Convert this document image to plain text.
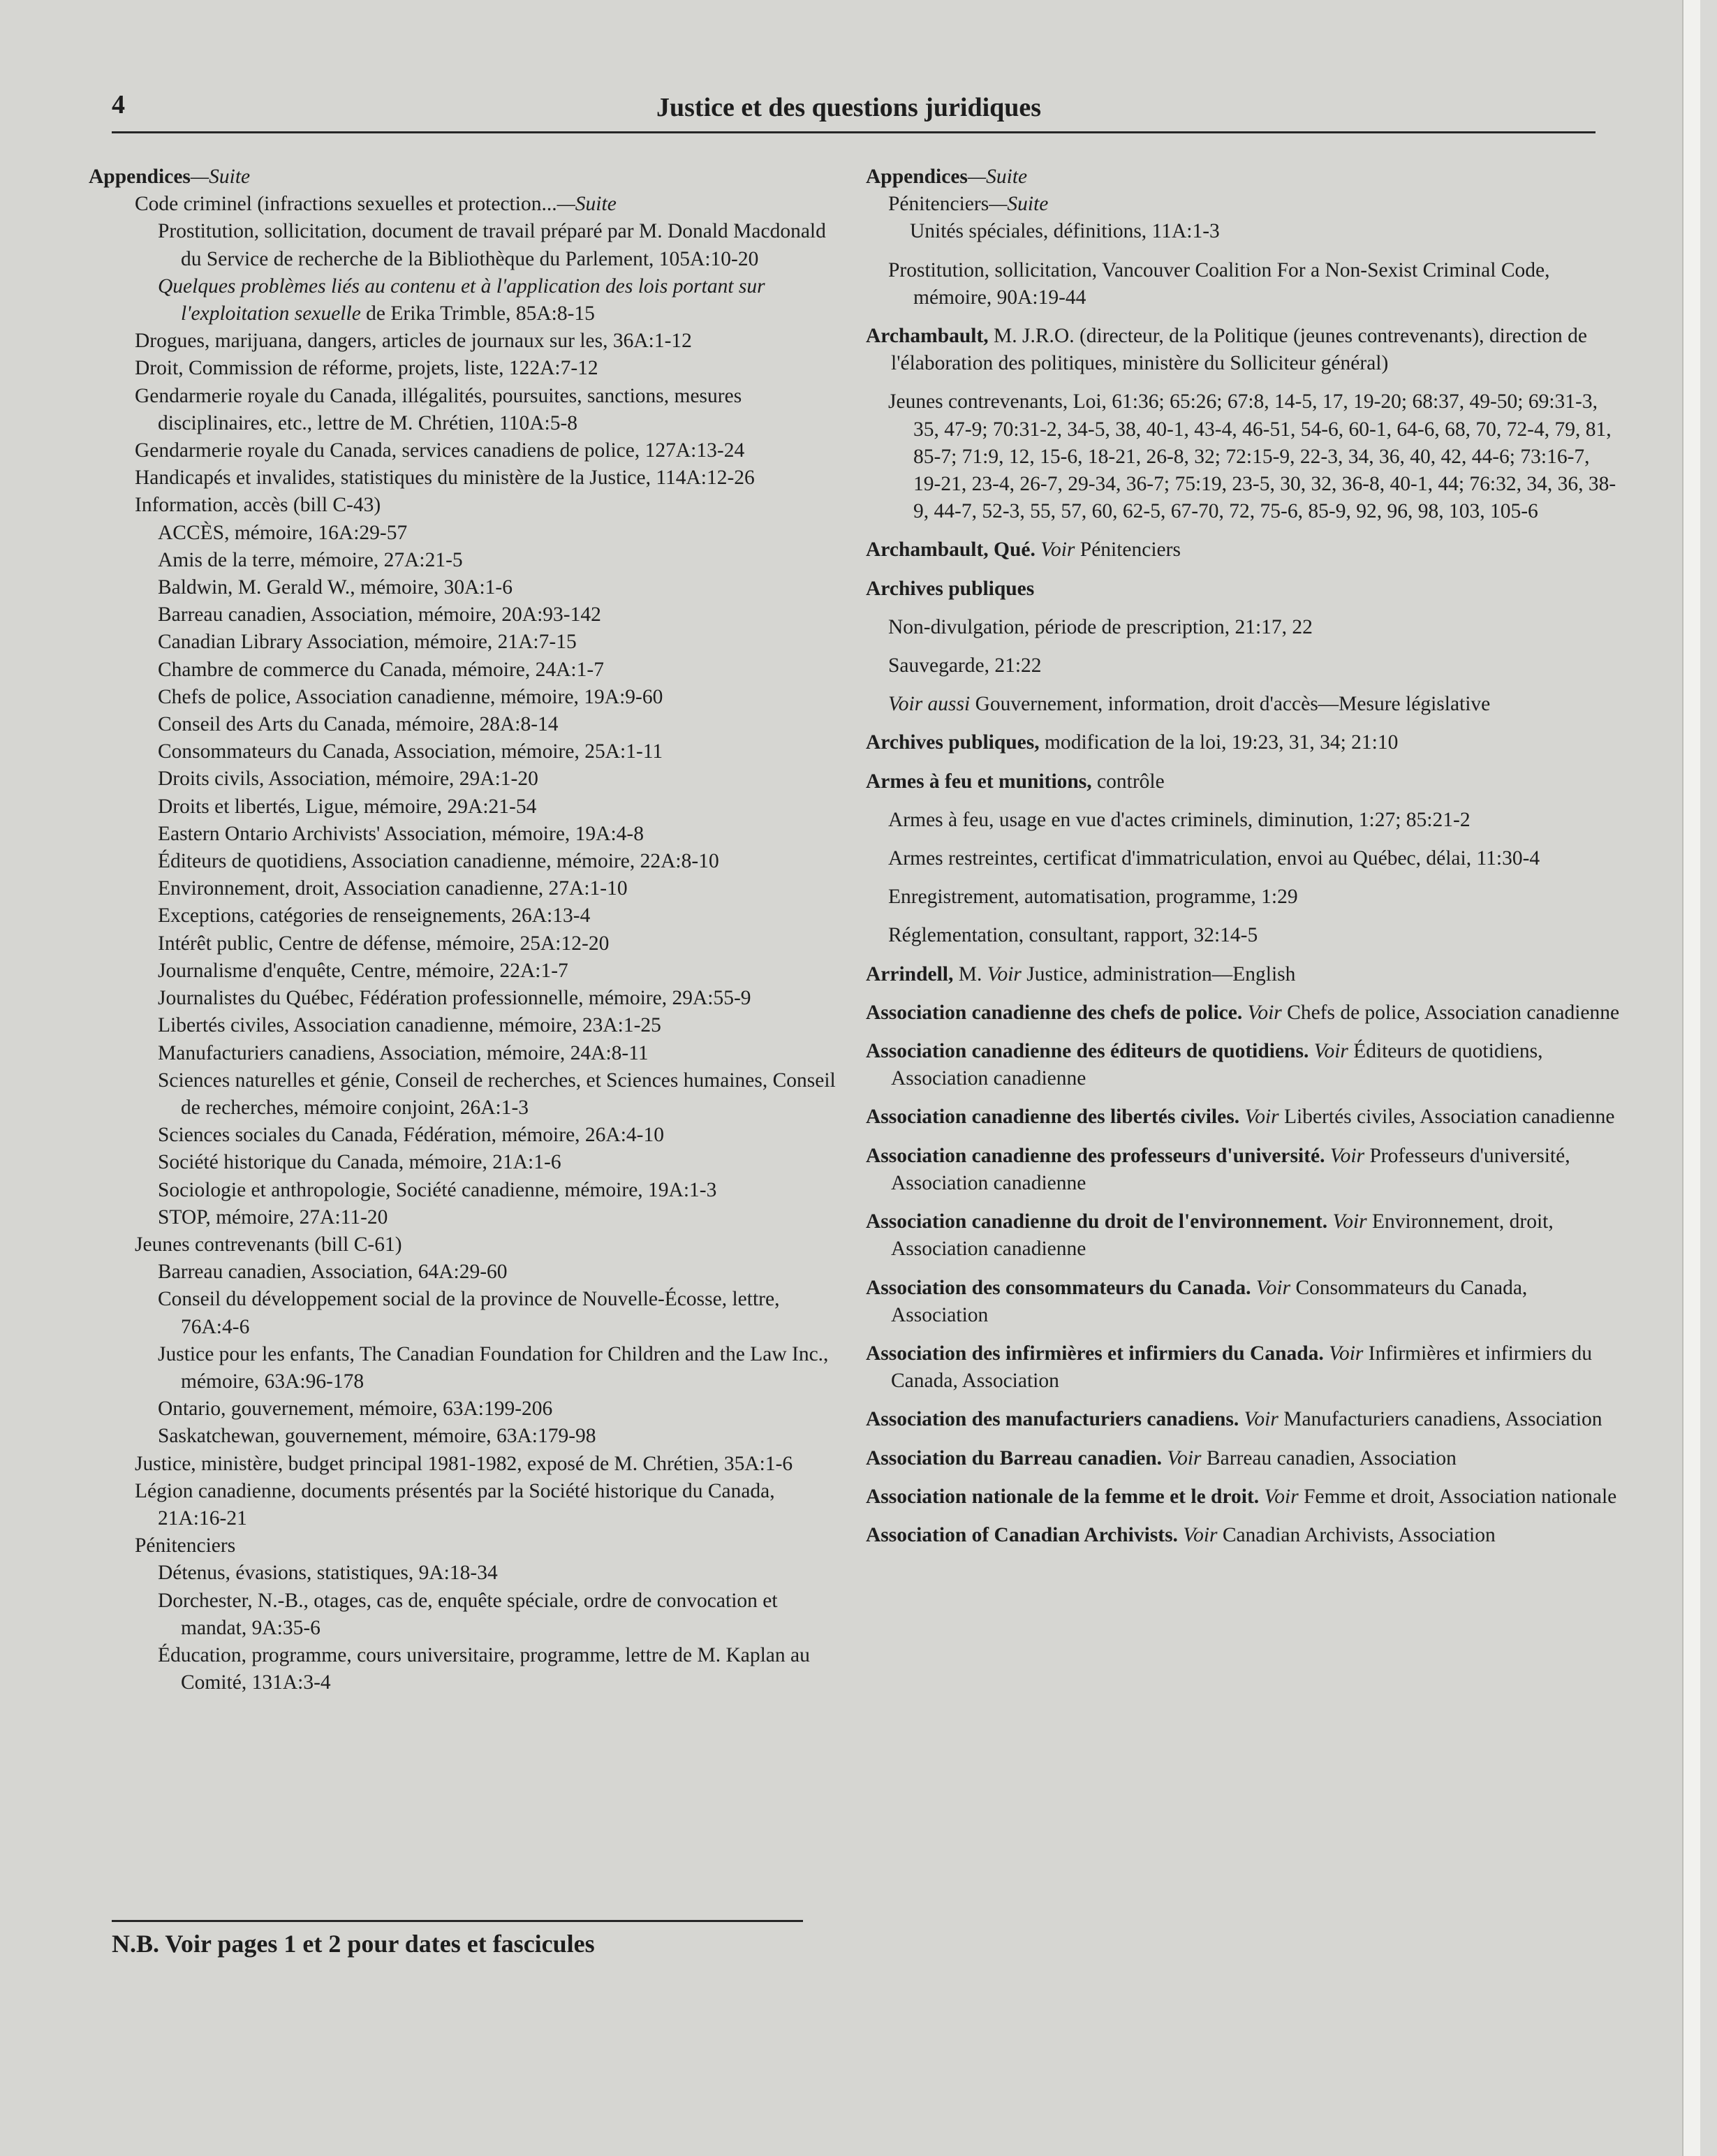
4	Justice et des questions juridiques

Appendices—Suite

Code criminel (infractions sexuelles et protection...—Suite

Prostitution, sollicitation, document de travail préparé par M. Donald Macdonald du Service de recherche de la Bibliothèque du Parlement, 105A:10-20

Quelques problèmes liés au contenu et à l'application des lois portant sur l'exploitation sexuelle de Erika Trimble, 85A:8-15

Drogues, marijuana, dangers, articles de journaux sur les, 36A:1-12

Droit, Commission de réforme, projets, liste, 122A:7-12

Gendarmerie royale du Canada, illégalités, poursuites, sanctions, mesures disciplinaires, etc., lettre de M. Chrétien, 110A:5-8

Gendarmerie royale du Canada, services canadiens de police, 127A:13-24

Handicapés et invalides, statistiques du ministère de la Justice, 114A:12-26

Information, accès (bill C-43)

ACCÈS, mémoire, 16A:29-57

Amis de la terre, mémoire, 27A:21-5

Baldwin, M. Gerald W., mémoire, 30A:1-6

Barreau canadien, Association, mémoire, 20A:93-142

Canadian Library Association, mémoire, 21A:7-15

Chambre de commerce du Canada, mémoire, 24A:1-7

Chefs de police, Association canadienne, mémoire, 19A:9-60

Conseil des Arts du Canada, mémoire, 28A:8-14

Consommateurs du Canada, Association, mémoire, 25A:1-11

Droits civils, Association, mémoire, 29A:1-20

Droits et libertés, Ligue, mémoire, 29A:21-54

Eastern Ontario Archivists' Association, mémoire, 19A:4-8

Éditeurs de quotidiens, Association canadienne, mémoire, 22A:8-10

Environnement, droit, Association canadienne, 27A:1-10

Exceptions, catégories de renseignements, 26A:13-4

Intérêt public, Centre de défense, mémoire, 25A:12-20

Journalisme d'enquête, Centre, mémoire, 22A:1-7

Journalistes du Québec, Fédération professionnelle, mémoire, 29A:55-9

Libertés civiles, Association canadienne, mémoire, 23A:1-25

Manufacturiers canadiens, Association, mémoire, 24A:8-11

Sciences naturelles et génie, Conseil de recherches, et Sciences humaines, Conseil de recherches, mémoire conjoint, 26A:1-3

Sciences sociales du Canada, Fédération, mémoire, 26A:4-10

Société historique du Canada, mémoire, 21A:1-6

Sociologie et anthropologie, Société canadienne, mémoire, 19A:1-3

STOP, mémoire, 27A:11-20

Jeunes contrevenants (bill C-61)

Barreau canadien, Association, 64A:29-60

Conseil du développement social de la province de Nouvelle-Écosse, lettre, 76A:4-6

Justice pour les enfants, The Canadian Foundation for Children and the Law Inc., mémoire, 63A:96-178

Ontario, gouvernement, mémoire, 63A:199-206

Saskatchewan, gouvernement, mémoire, 63A:179-98

Justice, ministère, budget principal 1981-1982, exposé de M. Chrétien, 35A:1-6

Légion canadienne, documents présentés par la Société historique du Canada, 21A:16-21

Pénitenciers

Détenus, évasions, statistiques, 9A:18-34

Dorchester, N.-B., otages, cas de, enquête spéciale, ordre de convocation et mandat, 9A:35-6

Éducation, programme, cours universitaire, programme, lettre de M. Kaplan au Comité, 131A:3-4

Appendices—Suite

Pénitenciers—Suite

Unités spéciales, définitions, 11A:1-3

Prostitution, sollicitation, Vancouver Coalition For a Non-Sexist Criminal Code, mémoire, 90A:19-44

Archambault, M. J.R.O. (directeur, de la Politique (jeunes contrevenants), direction de l'élaboration des politiques, ministère du Solliciteur général)

Jeunes contrevenants, Loi, 61:36; 65:26; 67:8, 14-5, 17, 19-20; 68:37, 49-50; 69:31-3, 35, 47-9; 70:31-2, 34-5, 38, 40-1, 43-4, 46-51, 54-6, 60-1, 64-6, 68, 70, 72-4, 79, 81, 85-7; 71:9, 12, 15-6, 18-21, 26-8, 32; 72:15-9, 22-3, 34, 36, 40, 42, 44-6; 73:16-7, 19-21, 23-4, 26-7, 29-34, 36-7; 75:19, 23-5, 30, 32, 36-8, 40-1, 44; 76:32, 34, 36, 38-9, 44-7, 52-3, 55, 57, 60, 62-5, 67-70, 72, 75-6, 85-9, 92, 96, 98, 103, 105-6

Archambault, Qué. Voir Pénitenciers

Archives publiques

Non-divulgation, période de prescription, 21:17, 22

Sauvegarde, 21:22

Voir aussi Gouvernement, information, droit d'accès—Mesure législative

Archives publiques, modification de la loi, 19:23, 31, 34; 21:10

Armes à feu et munitions, contrôle

Armes à feu, usage en vue d'actes criminels, diminution, 1:27; 85:21-2

Armes restreintes, certificat d'immatriculation, envoi au Québec, délai, 11:30-4

Enregistrement, automatisation, programme, 1:29

Réglementation, consultant, rapport, 32:14-5

Arrindell, M. Voir Justice, administration—English

Association canadienne des chefs de police. Voir Chefs de police, Association canadienne

Association canadienne des éditeurs de quotidiens. Voir Éditeurs de quotidiens, Association canadienne

Association canadienne des libertés civiles. Voir Libertés civiles, Association canadienne

Association canadienne des professeurs d'université. Voir Professeurs d'université, Association canadienne

Association canadienne du droit de l'environnement. Voir Environnement, droit, Association canadienne

Association des consommateurs du Canada. Voir Consommateurs du Canada, Association

Association des infirmières et infirmiers du Canada. Voir Infirmières et infirmiers du Canada, Association

Association des manufacturiers canadiens. Voir Manufacturiers canadiens, Association

Association du Barreau canadien. Voir Barreau canadien, Association

Association nationale de la femme et le droit. Voir Femme et droit, Association nationale

Association of Canadian Archivists. Voir Canadian Archivists, Association

N.B. Voir pages 1 et 2 pour dates et fascicules
